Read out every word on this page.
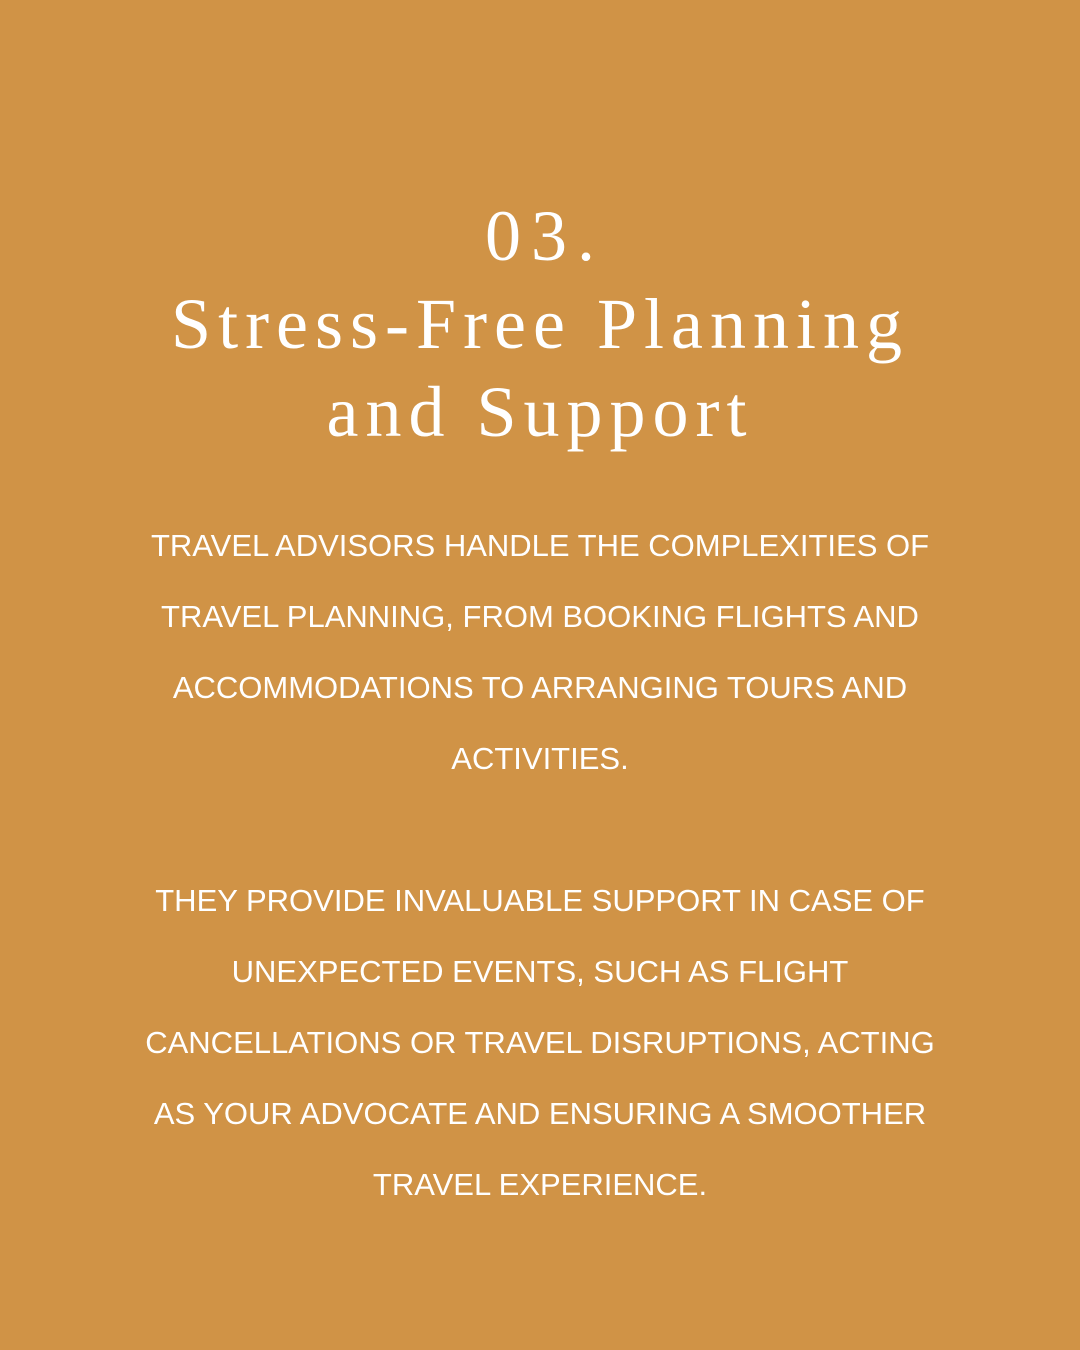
03.
Stress-Free Planning
and Support

TRAVEL ADVISORS HANDLE THE COMPLEXITIES OF
TRAVEL PLANNING, FROM BOOKING FLIGHTS AND
ACCOMMODATIONS TO ARRANGING TOURS AND
ACTIVITIES.

THEY PROVIDE INVALUABLE SUPPORT IN CASE OF
UNEXPECTED EVENTS, SUCH AS FLIGHT
CANCELLATIONS OR TRAVEL DISRUPTIONS, ACTING
AS YOUR ADVOCATE AND ENSURING A SMOOTHER
TRAVEL EXPERIENCE.
